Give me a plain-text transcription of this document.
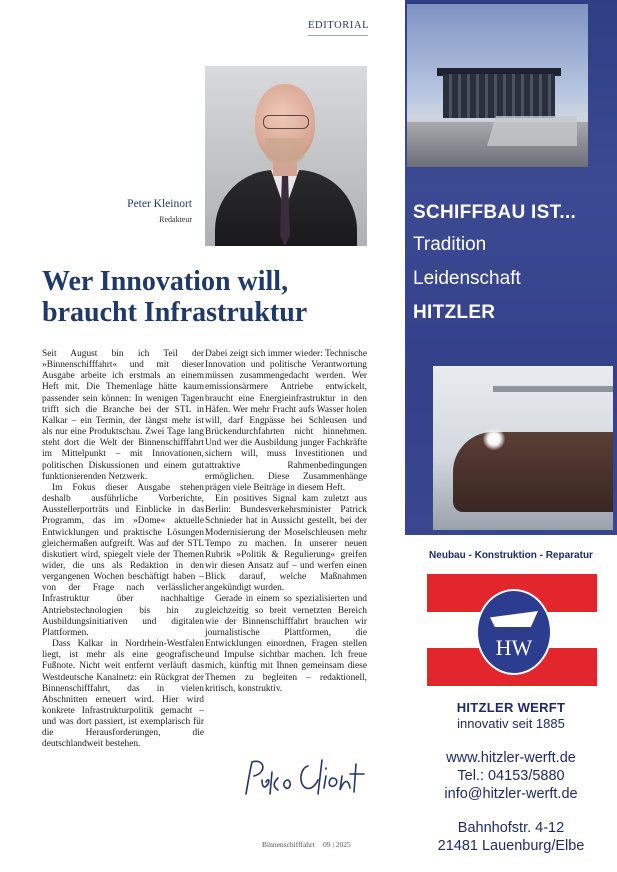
EDITORIAL
Peter Kleinort
Redakteur
Wer Innovation will, braucht Infrastruktur

Seit August bin ich Teil der »Binnenschifffahrt« und mit dieser Ausgabe arbeite ich erstmals an einem Heft mit. Die Themenlage hätte kaum passender sein können: In wenigen Tagen trifft sich die Branche bei der STL in Kalkar – ein Termin, der längst mehr ist als nur eine Produktschau. Zwei Tage lang steht dort die Welt der Binnenschifffahrt im Mittelpunkt – mit Innovationen, politischen Diskussionen und einem gut funktionierenden Netzwerk.

Im Fokus dieser Ausgabe stehen deshalb ausführliche Vorberichte, Ausstellerporträts und Einblicke in das Programm, das im »Dome« aktuelle Entwicklungen und praktische Lösungen gleichermaßen aufgreift. Was auf der STL diskutiert wird, spiegelt viele der Themen wider, die uns als Redaktion in den vergangenen Wochen beschäftigt haben – von der Frage nach verlässlicher Infrastruktur über nachhaltige Antriebstechnologien bis hin zu Ausbildungsinitiativen und digitalen Plattformen.

Dass Kalkar in Nordrhein-Westfalen liegt, ist mehr als eine geografische Fußnote. Nicht weit entfernt verläuft das Westdeutsche Kanalnetz: ein Rückgrat der Binnenschifffahrt, das in vielen Abschnitten erneuert wird. Hier wird konkrete Infrastrukturpolitik gemacht – und was dort passiert, ist exemplarisch für die Herausforderungen, die deutschlandweit bestehen.

Dabei zeigt sich immer wieder: Technische Innovation und politische Verantwortung müssen zusammengedacht werden. Wer emissionsärmere Antriebe entwickelt, braucht eine Energieinfrastruktur in den Häfen. Wer mehr Fracht aufs Wasser holen will, darf Engpässe bei Schleusen und Brückendurchfahrten nicht hinnehmen. Und wer die Ausbildung junger Fachkräfte sichern will, muss Investitionen und attraktive Rahmenbedingungen ermöglichen. Diese Zusammenhänge prägen viele Beiträge in diesem Heft.

Ein positives Signal kam zuletzt aus Berlin: Bundesverkehrsminister Patrick Schnieder hat in Aussicht gestellt, bei der Modernisierung der Moselschleusen mehr Tempo zu machen. In unserer neuen Rubrik »Politik & Regulierung« greifen wir diesen Ansatz auf – und werfen einen Blick darauf, welche Maßnahmen angekündigt wurden.

Gerade in einem so spezialisierten und gleichzeitig so breit vernetzten Bereich wie der Binnenschifffahrt brauchen wir journalistische Plattformen, die Entwicklungen einordnen, Fragen stellen und Impulse sichtbar machen. Ich freue mich, künftig mit Ihnen gemeinsam diese Themen zu begleiten – redaktionell, kritisch, konstruktiv.

Binnenschifffahrt 09 | 2025
SCHIFFBAU IST...
Tradition
Leidenschaft
HITZLER
Neubau - Konstruktion - Reparatur
HW
HITZLER WERFT
innovativ seit 1885
www.hitzler-werft.de
Tel.: 04153/5880
info@hitzler-werft.de
Bahnhofstr. 4-12
21481 Lauenburg/Elbe
